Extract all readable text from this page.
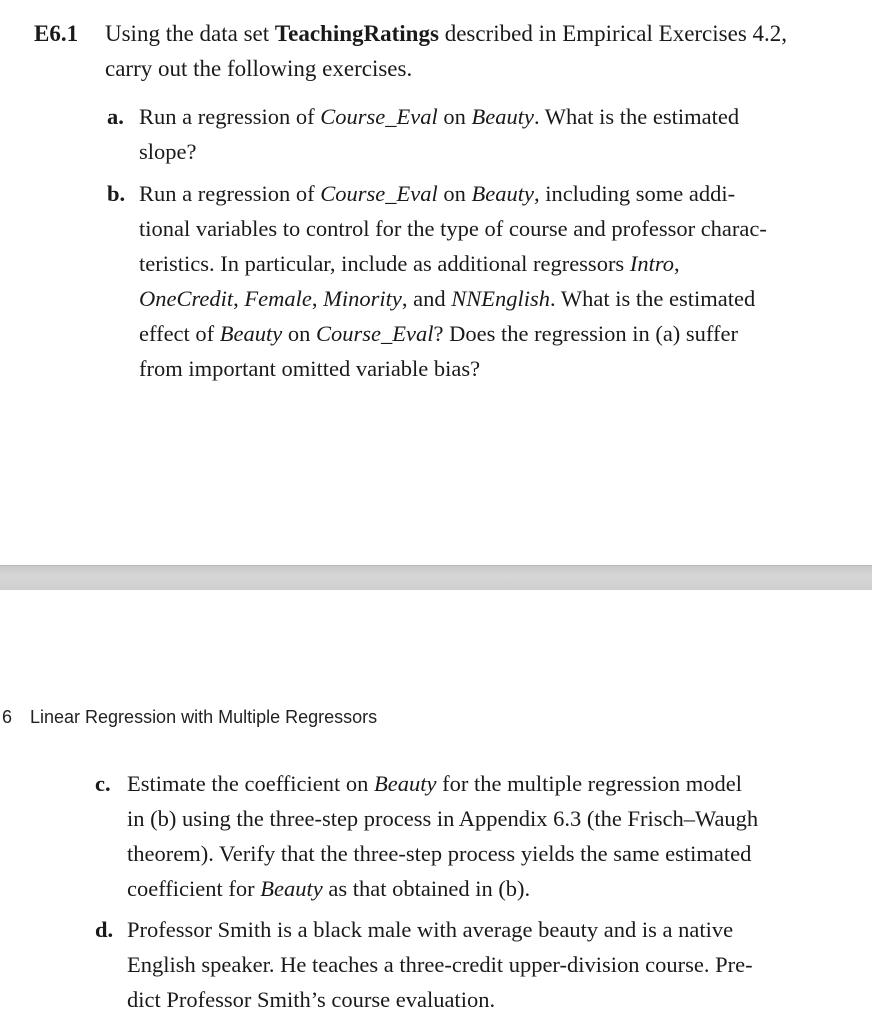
E6.1 Using the data set TeachingRatings described in Empirical Exercises 4.2,
carry out the following exercises.
a. Run a regression of Course_Eval on Beauty. What is the estimated
slope?
b. Run a regression of Course_Eval on Beauty, including some addi-
tional variables to control for the type of course and professor charac-
teristics. In particular, include as additional regressors Intro,
OneCredit, Female, Minority, and NNEnglish. What is the estimated
effect of Beauty on Course_Eval? Does the regression in (a) suffer
from important omitted variable bias?
6 Linear Regression with Multiple Regressors
c. Estimate the coefficient on Beauty for the multiple regression model
in (b) using the three-step process in Appendix 6.3 (the Frisch–Waugh
theorem). Verify that the three-step process yields the same estimated
coefficient for Beauty as that obtained in (b).
d. Professor Smith is a black male with average beauty and is a native
English speaker. He teaches a three-credit upper-division course. Pre-
dict Professor Smith’s course evaluation.
